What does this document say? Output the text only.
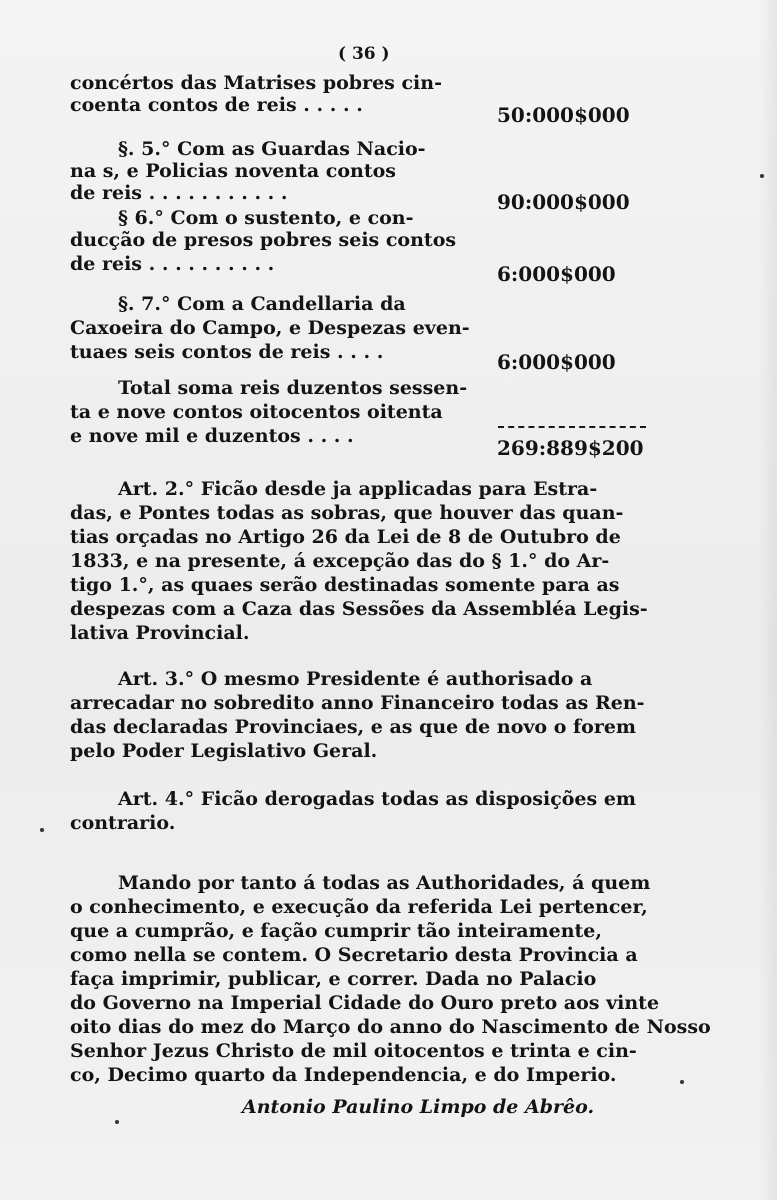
( 36 )
concértos das Matrises pobres cin-
coenta contos de reis . . . . .	50:000$000
§. 5.° Com as Guardas Nacio-
na s, e Policias noventa contos
de reis . . . . . . . . . . .	90:000$000
§ 6.° Com o sustento, e con-
ducção de presos pobres seis contos
de reis . . . . . . . . . .	6:000$000
§. 7.° Com a Candellaria da
Caxoeira do Campo, e Despezas even-
tuaes seis contos de reis . . . .	6:000$000
Total soma reis duzentos sessen-
ta e nove contos oitocentos oitenta
e nove mil e duzentos . . . .	269:889$200
Art. 2.° Ficão desde ja applicadas para Estra-
das, e Pontes todas as sobras, que houver das quan-
tias orçadas no Artigo 26 da Lei de 8 de Outubro de
1833, e na presente, á excepção das do § 1.° do Ar-
tigo 1.°, as quaes serão destinadas somente para as
despezas com a Caza das Sessões da Assembléa Legis-
lativa Provincial.
Art. 3.° O mesmo Presidente é authorisado a
arrecadar no sobredito anno Financeiro todas as Ren-
das declaradas Provinciaes, e as que de novo o forem
pelo Poder Legislativo Geral.
Art. 4.° Ficão derogadas todas as disposições em
contrario.
Mando por tanto á todas as Authoridades, á quem
o conhecimento, e execução da referida Lei pertencer,
que a cumprão, e fação cumprir tão inteiramente,
como nella se contem. O Secretario desta Provincia a
faça imprimir, publicar, e correr. Dada no Palacio
do Governo na Imperial Cidade do Ouro preto aos vinte
oito dias do mez do Março do anno do Nascimento de Nosso
Senhor Jezus Christo de mil oitocentos e trinta e cin-
co, Decimo quarto da Independencia, e do Imperio.
Antonio Paulino Limpo de Abrêo.
